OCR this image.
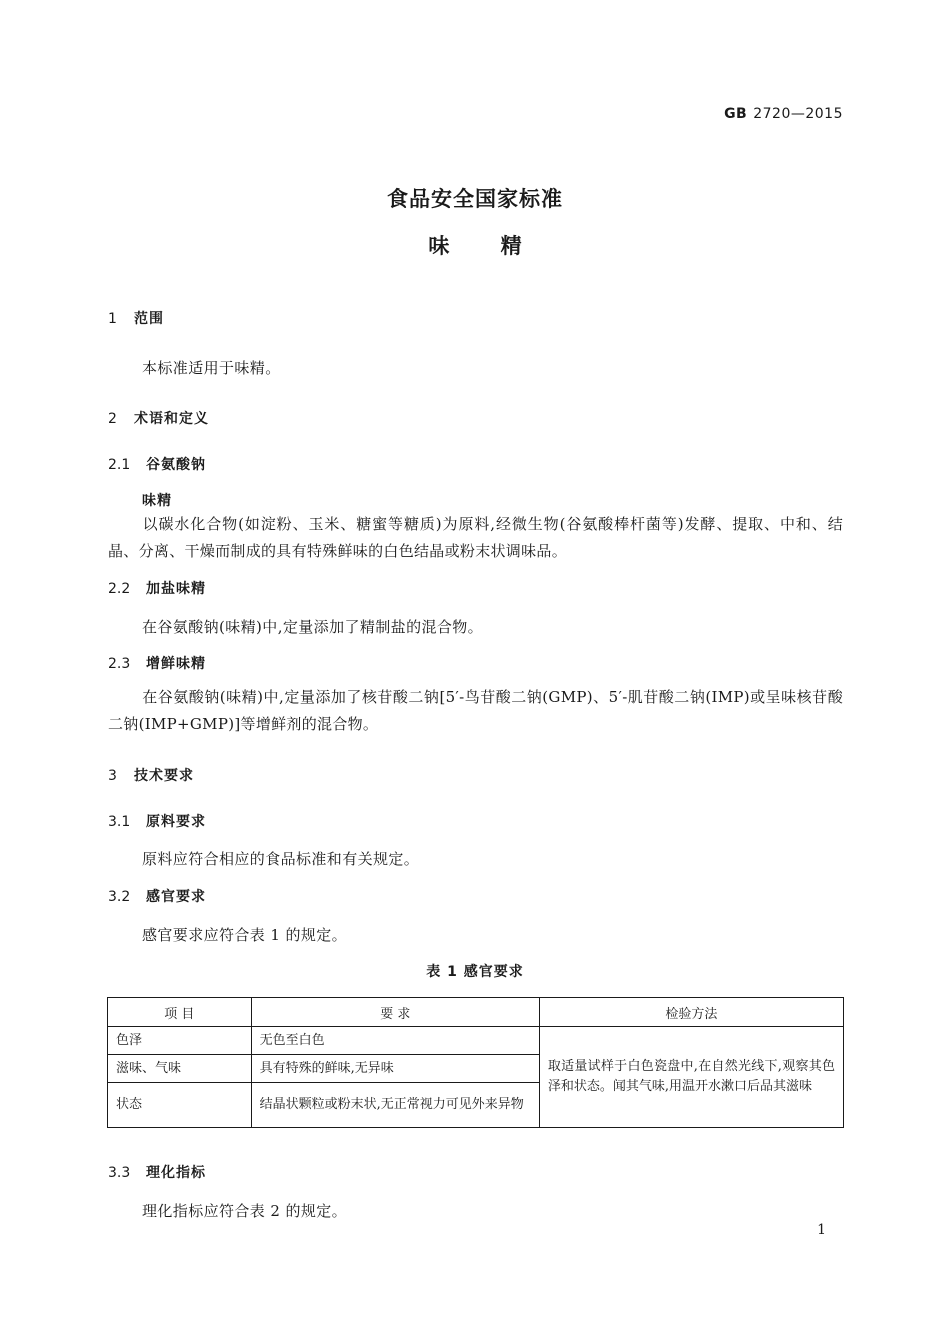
GB 2720—2015
食品安全国家标准
味 精
1 范围
本标准适用于味精。
2 术语和定义
2.1 谷氨酸钠
味精
以碳水化合物(如淀粉、玉米、糖蜜等糖质)为原料,经微生物(谷氨酸棒杆菌等)发酵、提取、中和、结晶、分离、干燥而制成的具有特殊鲜味的白色结晶或粉末状调味品。
2.2 加盐味精
在谷氨酸钠(味精)中,定量添加了精制盐的混合物。
2.3 增鲜味精
在谷氨酸钠(味精)中,定量添加了核苷酸二钠[5′-鸟苷酸二钠(GMP)、5′-肌苷酸二钠(IMP)或呈味核苷酸二钠(IMP+GMP)]等增鲜剂的混合物。
3 技术要求
3.1 原料要求
原料应符合相应的食品标准和有关规定。
3.2 感官要求
感官要求应符合表 1 的规定。
表 1 感官要求
项 目	要 求	检验方法
色泽	无色至白色	取适量试样于白色瓷盘中,在自然光线下,观察其色泽和状态。闻其气味,用温开水漱口后品其滋味
滋味、气味	具有特殊的鲜味,无异味	
状态	结晶状颗粒或粉末状,无正常视力可见外来异物	
3.3 理化指标
理化指标应符合表 2 的规定。
1
